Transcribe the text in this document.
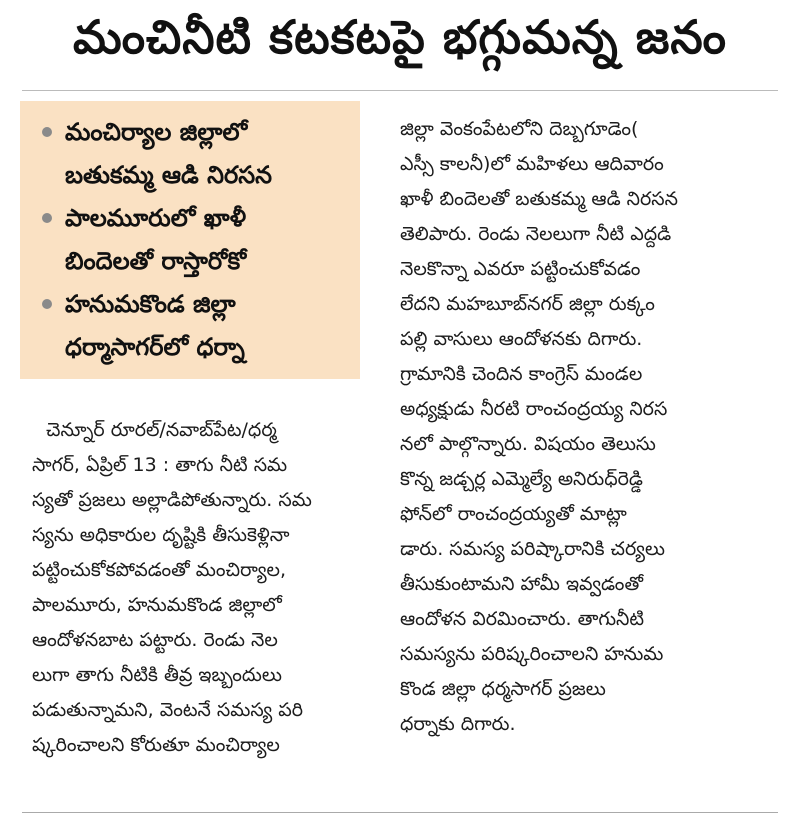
మంచినీటి కటకటపై భగ్గుమన్న జనం
మంచిర్యాల జిల్లాలో
బతుకమ్మ ఆడి నిరసన
పాలమూరులో ఖాళీ
బిందెలతో రాస్తారోకో
హనుమకొండ జిల్లా
ధర్మాసాగర్‌లో ధర్నా
చెన్నూర్ రూరల్/నవాబ్‌పేట/ధర్మ
సాగర్, ఏప్రిల్ 13 : తాగు నీటి సమ
స్యతో ప్రజలు అల్లాడిపోతున్నారు. సమ
స్యను అధికారుల దృష్టికి తీసుకెళ్లినా
పట్టించుకోకపోవడంతో మంచిర్యాల,
పాలమూరు, హనుమకొండ జిల్లాలో
ఆందోళనబాట పట్టారు. రెండు నెల
లుగా తాగు నీటికి తీవ్ర ఇబ్బందులు
పడుతున్నామని, వెంటనే సమస్య పరి
ష్కరించాలని కోరుతూ మంచిర్యాల
జిల్లా వెంకంపేటలోని దెబ్బగూడెం(
ఎస్సీ కాలనీ)లో మహిళలు ఆదివారం
ఖాళీ బిందెలతో బతుకమ్మ ఆడి నిరసన
తెలిపారు. రెండు నెలలుగా నీటి ఎద్దడి
నెలకొన్నా ఎవరూ పట్టించుకోవడం
లేదని మహబూబ్‌నగర్ జిల్లా రుక్కం
పల్లి వాసులు ఆందోళనకు దిగారు.
గ్రామానికి చెందిన కాంగ్రెస్ మండల
అధ్యక్షుడు నీరటి రాంచంద్రయ్య నిరస
నలో పాల్గొన్నారు. విషయం తెలుసు
కొన్న జడ్చర్ల ఎమ్మెల్యే అనిరుధ్‌రెడ్డి
ఫోన్‌లో రాంచంద్రయ్యతో మాట్లా
డారు. సమస్య పరిష్కారానికి చర్యలు
తీసుకుంటామని హామీ ఇవ్వడంతో
ఆందోళన విరమించారు. తాగునీటి
సమస్యను పరిష్కరించాలని హనుమ
కొండ జిల్లా ధర్మసాగర్ ప్రజలు
ధర్నాకు దిగారు.
